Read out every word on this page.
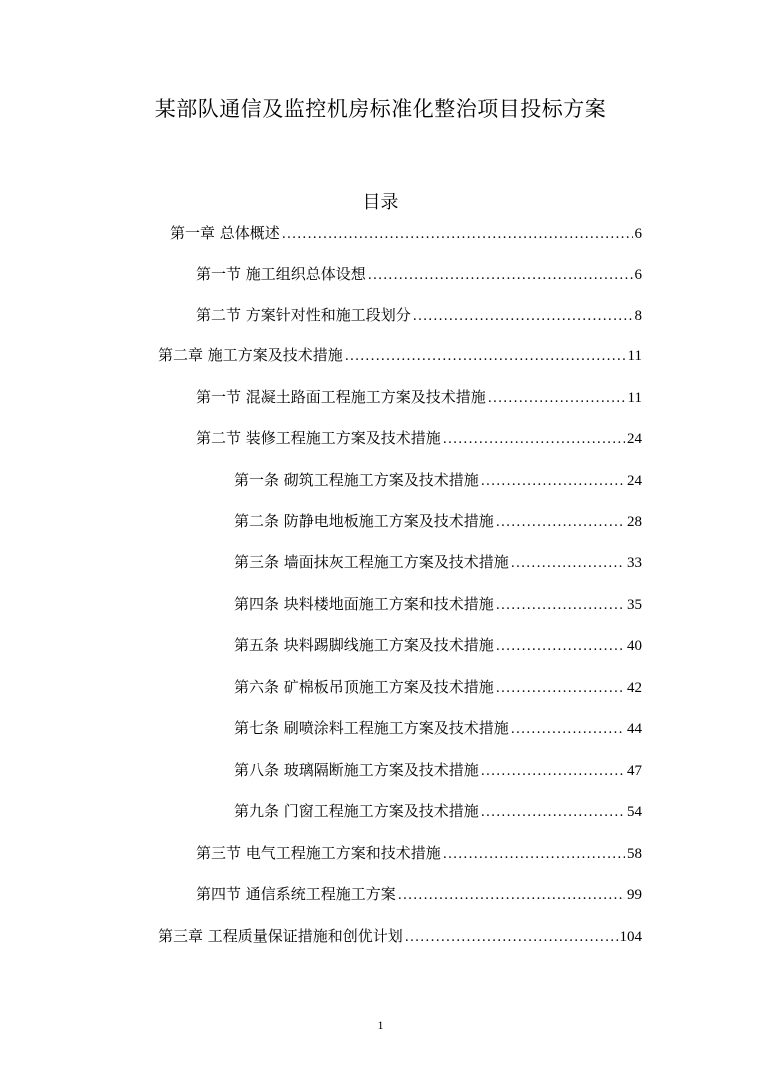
某部队通信及监控机房标准化整治项目投标方案
目录
第一章 总体概述 .....	6
第一节 施工组织总体设想 .....	6
第二节 方案针对性和施工段划分 .....	8
第二章 施工方案及技术措施 .....	11
第一节 混凝土路面工程施工方案及技术措施 .....	11
第二节 装修工程施工方案及技术措施 .....	24
第一条 砌筑工程施工方案及技术措施 .....	24
第二条 防静电地板施工方案及技术措施 .....	28
第三条 墙面抹灰工程施工方案及技术措施 .....	33
第四条 块料楼地面施工方案和技术措施 .....	35
第五条 块料踢脚线施工方案及技术措施 .....	40
第六条 矿棉板吊顶施工方案及技术措施 .....	42
第七条 刷喷涂料工程施工方案及技术措施 .....	44
第八条 玻璃隔断施工方案及技术措施 .....	47
第九条 门窗工程施工方案及技术措施 .....	54
第三节 电气工程施工方案和技术措施 .....	58
第四节 通信系统工程施工方案 .....	99
第三章 工程质量保证措施和创优计划 .....	104
1
